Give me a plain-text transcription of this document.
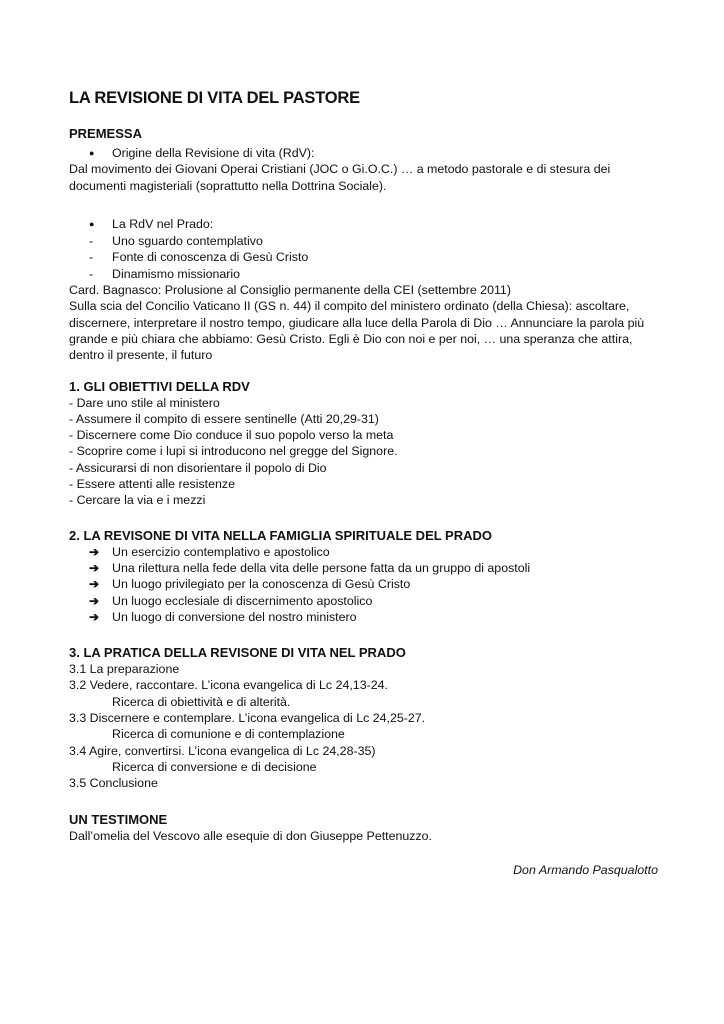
LA REVISIONE DI VITA DEL PASTORE
PREMESSA
● Origine della Revisione di vita (RdV):

Dal movimento dei Giovani Operai Cristiani (JOC o Gi.O.C.) … a metodo pastorale e di stesura dei documenti magisteriali (soprattutto nella Dottrina Sociale).

● La RdV nel Prado:
- Uno sguardo contemplativo
- Fonte di conoscenza di Gesù Cristo
- Dinamismo missionario

Card. Bagnasco: Prolusione al Consiglio permanente della CEI (settembre 2011)

Sulla scia del Concilio Vaticano II (GS n. 44) il compito del ministero ordinato (della Chiesa): ascoltare, discernere, interpretare il nostro tempo, giudicare alla luce della Parola di Dio … Annunciare la parola più grande e più chiara che abbiamo: Gesù Cristo. Egli è Dio con noi e per noi, … una speranza che attira, dentro il presente, il futuro

1. GLI OBIETTIVI DELLA RDV
- Dare uno stile al ministero
- Assumere il compito di essere sentinelle (Atti 20,29-31)
- Discernere come Dio conduce il suo popolo verso la meta
- Scoprire come i lupi si introducono nel gregge del Signore.
- Assicurarsi di non disorientare il popolo di Dio
- Essere attenti alle resistenze
- Cercare la via e i mezzi
2. LA REVISONE DI VITA NELLA FAMIGLIA SPIRITUALE DEL PRADO
➔ Un esercizio contemplativo e apostolico
➔ Una rilettura nella fede della vita delle persone fatta da un gruppo di apostoli
➔ Un luogo privilegiato per la conoscenza di Gesù Cristo
➔ Un luogo ecclesiale di discernimento apostolico
➔ Un luogo di conversione del nostro ministero
3. LA PRATICA DELLA REVISONE DI VITA NEL PRADO

3.1 La preparazione

3.2 Vedere, raccontare. L’icona evangelica di Lc 24,13-24.

Ricerca di obiettività e di alterità.

3.3 Discernere e contemplare. L’icona evangelica di Lc 24,25-27.

Ricerca di comunione e di contemplazione

3.4 Agire, convertirsi. L’icona evangelica di Lc 24,28-35)

Ricerca di conversione e di decisione

3.5 Conclusione

UN TESTIMONE

Dall’omelia del Vescovo alle esequie di don Giuseppe Pettenuzzo.

Don Armando Pasqualotto
